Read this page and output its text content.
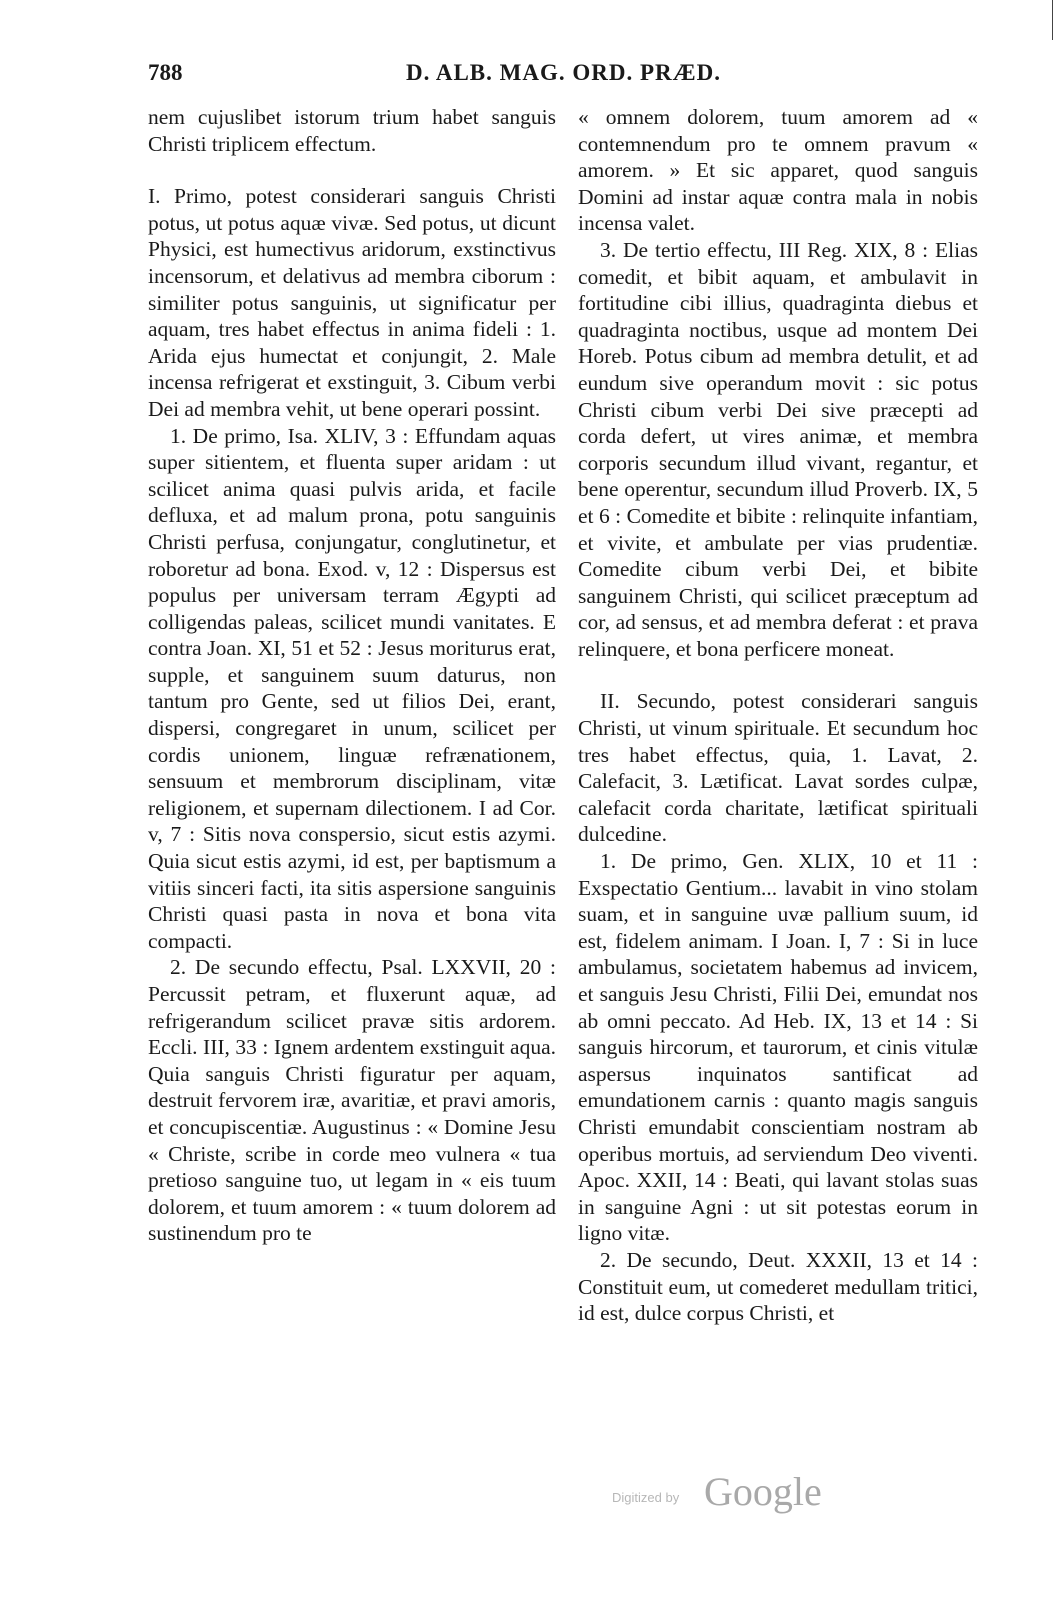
788	D. ALB. MAG. ORD. PRÆD.

nem cujuslibet istorum trium habet sanguis Christi triplicem effectum.

I. Primo, potest considerari sanguis Christi potus, ut potus aquæ vivæ. Sed potus, ut dicunt Physici, est humectivus aridorum, exstinctivus incensorum, et delativus ad membra ciborum : similiter potus sanguinis, ut significatur per aquam, tres habet effectus in anima fideli : 1. Arida ejus humectat et conjungit, 2. Male incensa refrigerat et exstinguit, 3. Cibum verbi Dei ad membra vehit, ut bene operari possint.

1. De primo, Isa. XLIV, 3 : Effundam aquas super sitientem, et fluenta super aridam : ut scilicet anima quasi pulvis arida, et facile defluxa, et ad malum prona, potu sanguinis Christi perfusa, conjungatur, conglutinetur, et roboretur ad bona. Exod. v, 12 : Dispersus est populus per universam terram Ægypti ad colligendas paleas, scilicet mundi vanitates. E contra Joan. XI, 51 et 52 : Jesus moriturus erat, supple, et sanguinem suum daturus, non tantum pro Gente, sed ut filios Dei, erant, dispersi, congregaret in unum, scilicet per cordis unionem, linguæ refrænationem, sensuum et membrorum disciplinam, vitæ religionem, et supernam dilectionem. I ad Cor. v, 7 : Sitis nova conspersio, sicut estis azymi. Quia sicut estis azymi, id est, per baptismum a vitiis sinceri facti, ita sitis aspersione sanguinis Christi quasi pasta in nova et bona vita compacti.

2. De secundo effectu, Psal. LXXVII, 20 : Percussit petram, et fluxerunt aquæ, ad refrigerandum scilicet pravæ sitis ardorem. Eccli. III, 33 : Ignem ardentem exstinguit aqua. Quia sanguis Christi figuratur per aquam, destruit fervorem iræ, avaritiæ, et pravi amoris, et concupiscentiæ. Augustinus : « Domine Jesu « Christe, scribe in corde meo vulnera « tua pretioso sanguine tuo, ut legam in « eis tuum dolorem, et tuum amorem : « tuum dolorem ad sustinendum pro te

« omnem dolorem, tuum amorem ad « contemnendum pro te omnem pravum « amorem. » Et sic apparet, quod sanguis Domini ad instar aquæ contra mala in nobis incensa valet.

3. De tertio effectu, III Reg. XIX, 8 : Elias comedit, et bibit aquam, et ambulavit in fortitudine cibi illius, quadraginta diebus et quadraginta noctibus, usque ad montem Dei Horeb. Potus cibum ad membra detulit, et ad eundum sive operandum movit : sic potus Christi cibum verbi Dei sive præcepti ad corda defert, ut vires animæ, et membra corporis secundum illud vivant, regantur, et bene operentur, secundum illud Proverb. IX, 5 et 6 : Comedite et bibite : relinquite infantiam, et vivite, et ambulate per vias prudentiæ. Comedite cibum verbi Dei, et bibite sanguinem Christi, qui scilicet præceptum ad cor, ad sensus, et ad membra deferat : et prava relinquere, et bona perficere moneat.

II. Secundo, potest considerari sanguis Christi, ut vinum spirituale. Et secundum hoc tres habet effectus, quia, 1. Lavat, 2. Calefacit, 3. Lætificat. Lavat sordes culpæ, calefacit corda charitate, lætificat spirituali dulcedine.

1. De primo, Gen. XLIX, 10 et 11 : Exspectatio Gentium... lavabit in vino stolam suam, et in sanguine uvæ pallium suum, id est, fidelem animam. I Joan. I, 7 : Si in luce ambulamus, societatem habemus ad invicem, et sanguis Jesu Christi, Filii Dei, emundat nos ab omni peccato. Ad Heb. IX, 13 et 14 : Si sanguis hircorum, et taurorum, et cinis vitulæ aspersus inquinatos santificat ad emundationem carnis : quanto magis sanguis Christi emundabit conscientiam nostram ab operibus mortuis, ad serviendum Deo viventi. Apoc. XXII, 14 : Beati, qui lavant stolas suas in sanguine Agni : ut sit potestas eorum in ligno vitæ.

2. De secundo, Deut. XXXII, 13 et 14 : Constituit eum, ut comederet medullam tritici, id est, dulce corpus Christi, et

Digitized by Google
